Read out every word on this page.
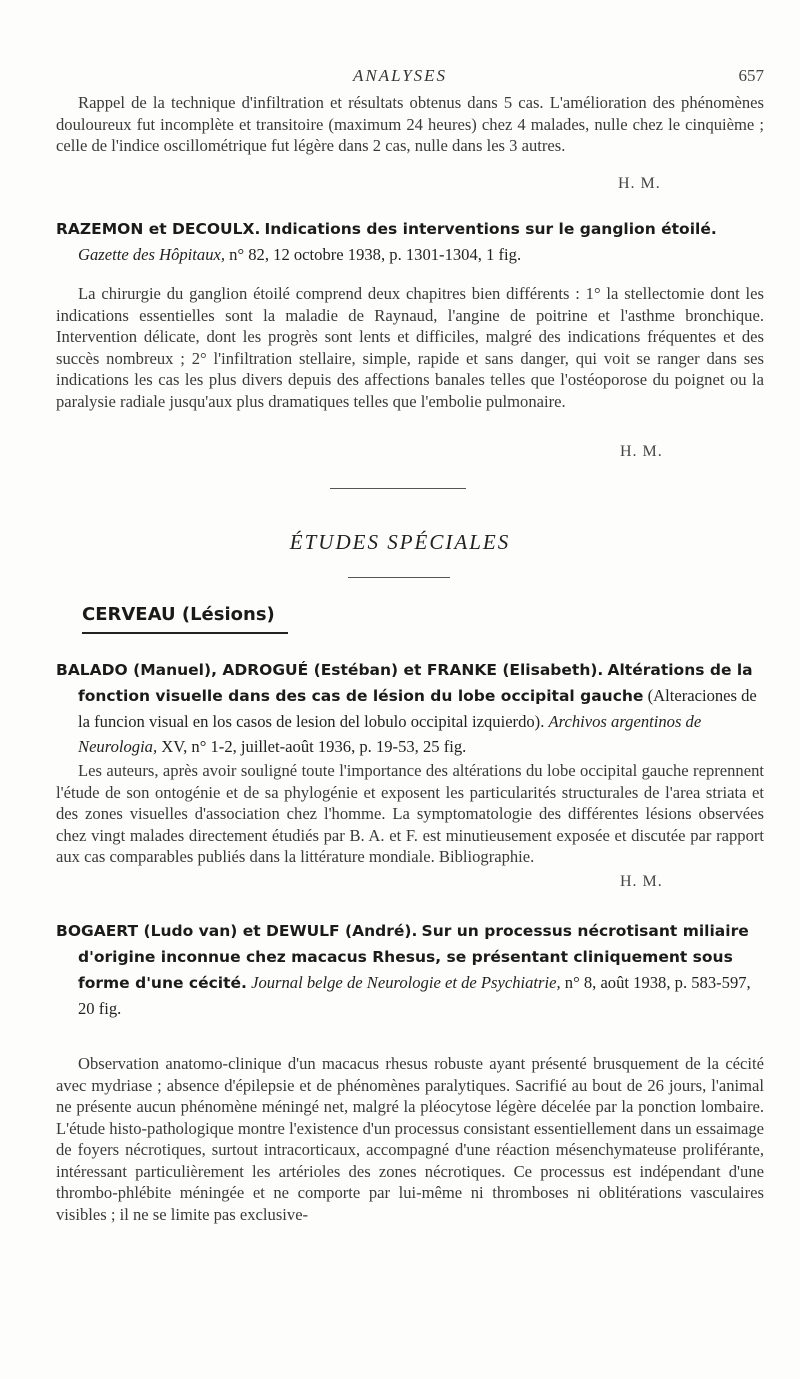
ANALYSES	657

Rappel de la technique d'infiltration et résultats obtenus dans 5 cas. L'amélioration des phénomènes douloureux fut incomplète et transitoire (maximum 24 heures) chez 4 malades, nulle chez le cinquième ; celle de l'indice oscillométrique fut légère dans 2 cas, nulle dans les 3 autres.

H. M.

RAZEMON et DECOULX. Indications des interventions sur le ganglion étoilé. Gazette des Hôpitaux, n° 82, 12 octobre 1938, p. 1301-1304, 1 fig.

La chirurgie du ganglion étoilé comprend deux chapitres bien différents : 1° la stellectomie dont les indications essentielles sont la maladie de Raynaud, l'angine de poitrine et l'asthme bronchique. Intervention délicate, dont les progrès sont lents et difficiles, malgré des indications fréquentes et des succès nombreux ; 2° l'infiltration stellaire, simple, rapide et sans danger, qui voit se ranger dans ses indications les cas les plus divers depuis des affections banales telles que l'ostéoporose du poignet ou la paralysie radiale jusqu'aux plus dramatiques telles que l'embolie pulmonaire.

H. M.
ÉTUDES SPÉCIALES
CERVEAU (Lésions)

BALADO (Manuel), ADROGUÉ (Estéban) et FRANKE (Elisabeth). Altérations de la fonction visuelle dans des cas de lésion du lobe occipital gauche (Alteraciones de la funcion visual en los casos de lesion del lobulo occipital izquierdo). Archivos argentinos de Neurologia, XV, n° 1-2, juillet-août 1936, p. 19-53, 25 fig.

Les auteurs, après avoir souligné toute l'importance des altérations du lobe occipital gauche reprennent l'étude de son ontogénie et de sa phylogénie et exposent les particularités structurales de l'area striata et des zones visuelles d'association chez l'homme. La symptomatologie des différentes lésions observées chez vingt malades directement étudiés par B. A. et F. est minutieusement exposée et discutée par rapport aux cas comparables publiés dans la littérature mondiale. Bibliographie.

H. M.

BOGAERT (Ludo van) et DEWULF (André). Sur un processus nécrotisant miliaire d'origine inconnue chez macacus Rhesus, se présentant cliniquement sous forme d'une cécité. Journal belge de Neurologie et de Psychiatrie, n° 8, août 1938, p. 583-597, 20 fig.

Observation anatomo-clinique d'un macacus rhesus robuste ayant présenté brusquement de la cécité avec mydriase ; absence d'épilepsie et de phénomènes paralytiques. Sacrifié au bout de 26 jours, l'animal ne présente aucun phénomène méningé net, malgré la pléocytose légère décelée par la ponction lombaire. L'étude histo-pathologique montre l'existence d'un processus consistant essentiellement dans un essaimage de foyers nécrotiques, surtout intracorticaux, accompagné d'une réaction mésenchymateuse proliférante, intéressant particulièrement les artérioles des zones nécrotiques. Ce processus est indépendant d'une thrombo-phlébite méningée et ne comporte par lui-même ni thromboses ni oblitérations vasculaires visibles ; il ne se limite pas exclusive-
